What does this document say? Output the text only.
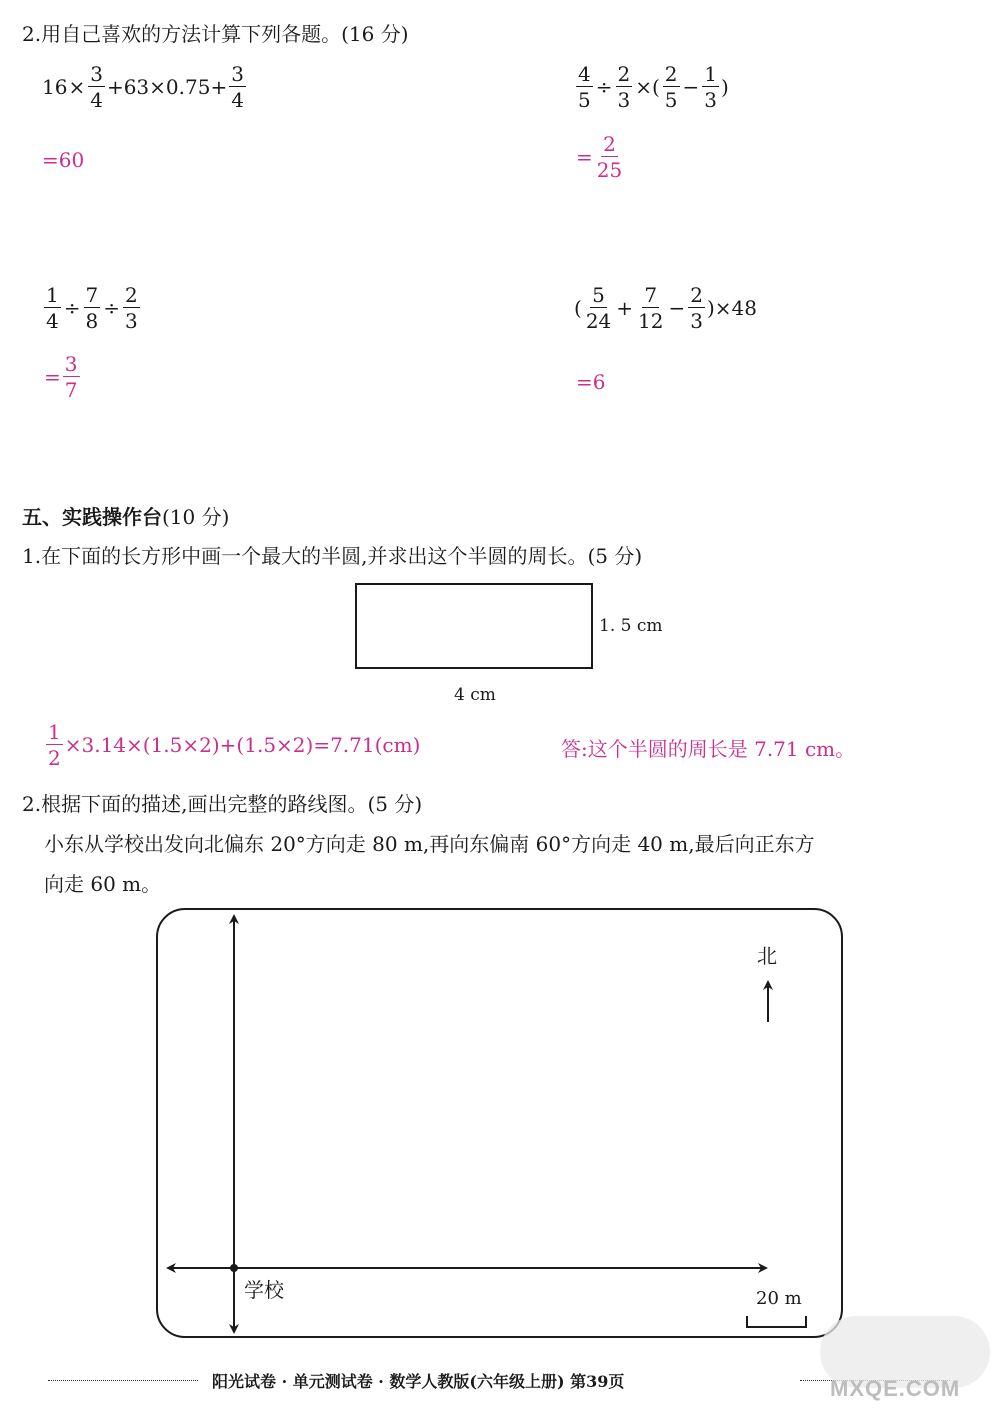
2.用自己喜欢的方法计算下列各题。(16 分)
$16 \times \frac{3}{4} +63\times 0.75+ \frac{3}{4}$
=60
$\frac{4}{5} \div \frac{2}{3}$ ×( $\frac{2}{5} - \frac{1}{3}$ )
= $\frac{2}{25}$
$\frac{1}{4} \div \frac{7}{8} \div \frac{2}{3}$
= $\frac{3}{7}$
( $\frac{5}{24} + \frac{7}{12} - \frac{2}{3} )\times 48$
=6
五、实践操作台(10 分)
1.在下面的长方形中画一个最大的半圆,并求出这个半圆的周长。(5 分)
1. 5 cm
4 cm
$\frac{1}{2} \times 3.14\times(1.5\times 2)+(1.5\times 2)=7.71(cm)$	答:这个半圆的周长是 7.71 cm。
2.根据下面的描述,画出完整的路线图。(5 分)
小东从学校出发向北偏东 20°方向走 80 m,再向东偏南 60°方向走 40 m,最后向正东方
向走 60 m。
北
学校	20 m
阳光试卷 · 单元测试卷 · 数学人教版(六年级上册) 第39页	MXQE.COM
